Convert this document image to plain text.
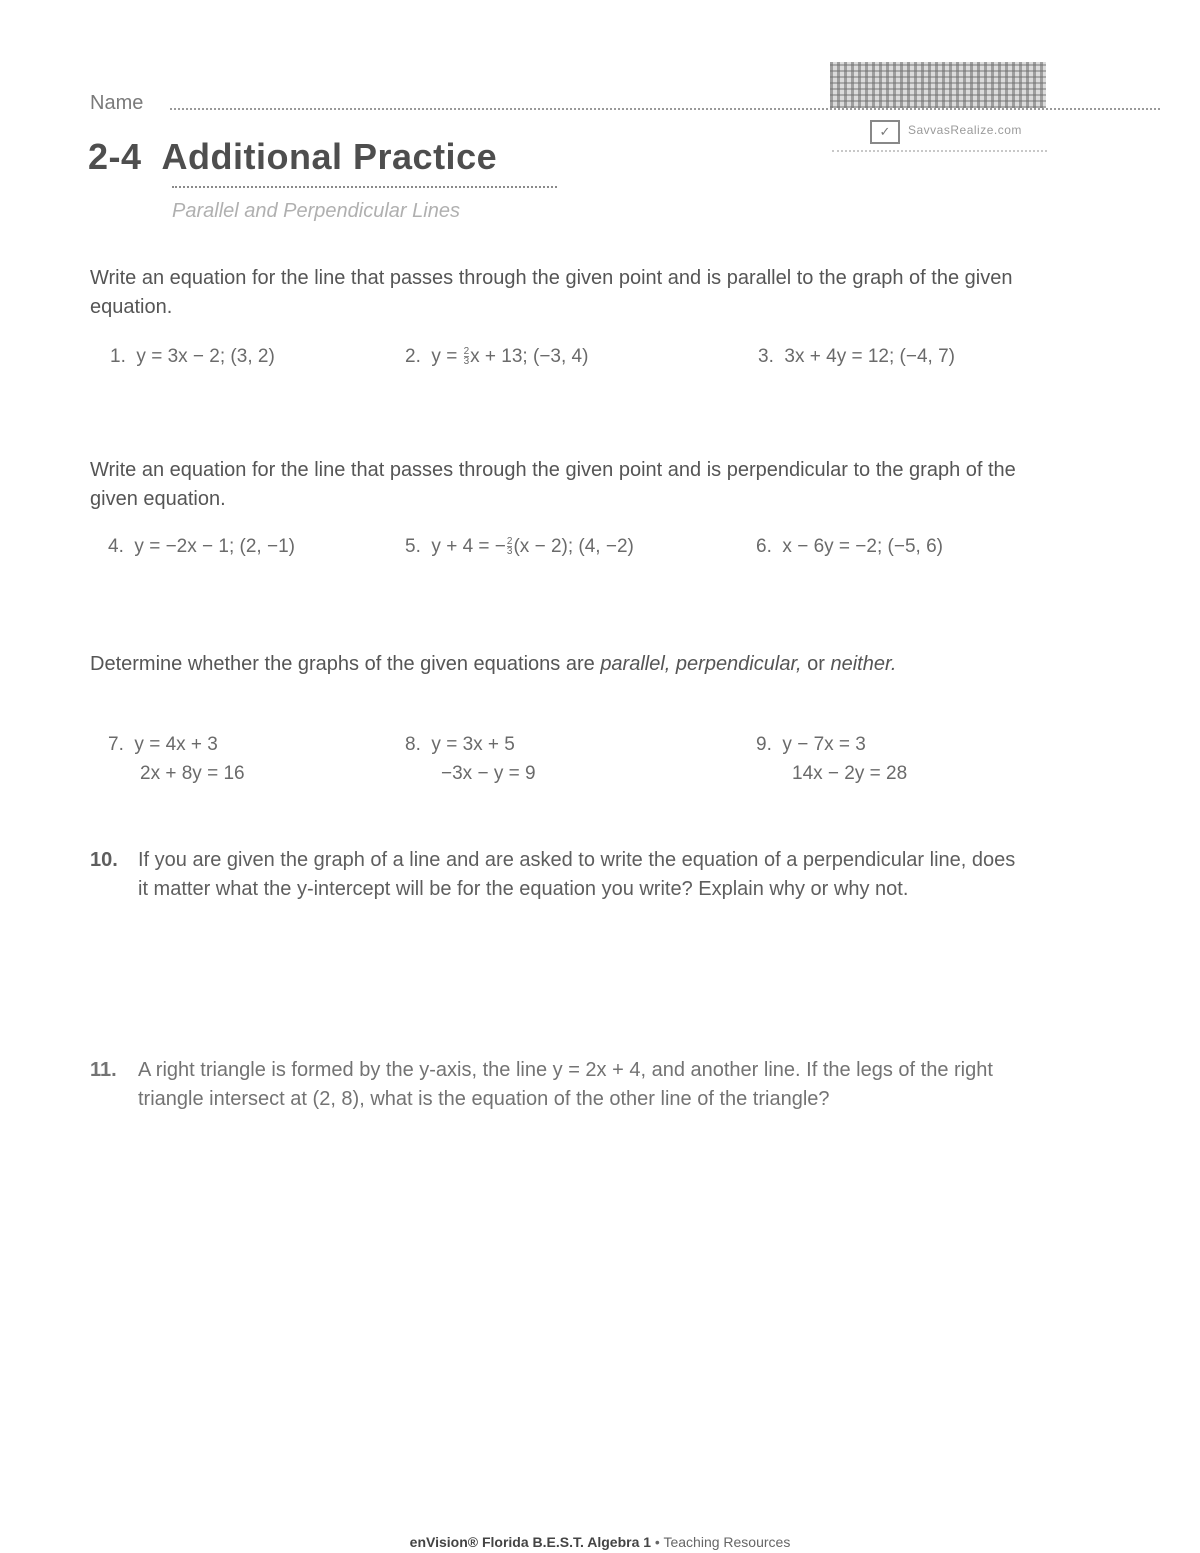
Name
✓	SavvasRealize.com
2-4 Additional Practice
Parallel and Perpendicular Lines
Write an equation for the line that passes through the given point and is parallel to the graph of the given equation.
1. y = 3x − 2; (3, 2)	2. $y = \frac{2}{3}$ x + 13; (−3, 4)	3. 3x + 4y = 12; (−4, 7)
Write an equation for the line that passes through the given point and is perpendicular to the graph of the given equation.
4. y = −2x − 1; (2, −1)	5. y + 4 = − $\frac{2}{3} (x - 2)$; (4, −2)	6. x − 6y = −2; (−5, 6)
Determine whether the graphs of the given equations are parallel, perpendicular, or neither.
7. y = 4x + 3
2x + 8y = 16
8. y = 3x + 5
−3x − y = 9
9. y − 7x = 3
14x − 2y = 28
10. If you are given the graph of a line and are asked to write the equation of a perpendicular line, does it matter what the y-intercept will be for the equation you write? Explain why or why not.
11. A right triangle is formed by the y-axis, the line y = 2x + 4, and another line. If the legs of the right triangle intersect at (2, 8), what is the equation of the other line of the triangle?
enVision® Florida B.E.S.T. Algebra 1 • Teaching Resources
